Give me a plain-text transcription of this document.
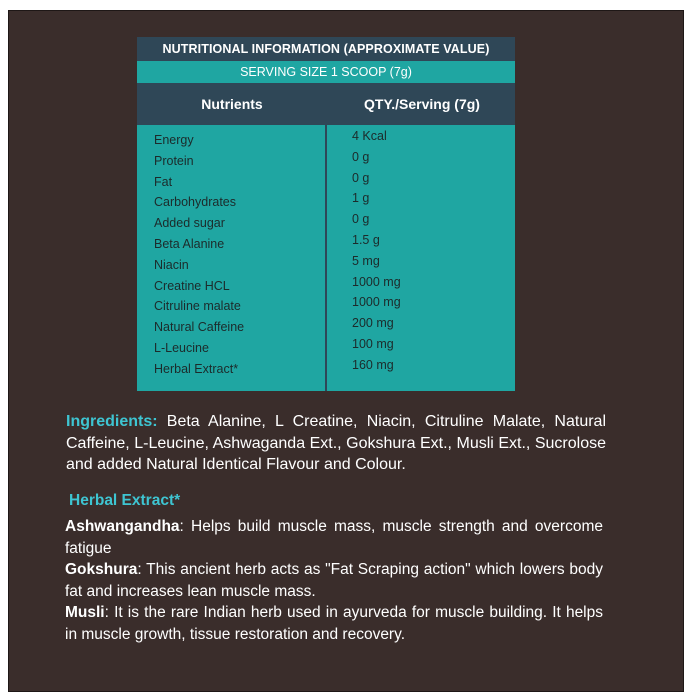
NUTRITIONAL INFORMATION (APPROXIMATE VALUE)
SERVING SIZE 1 SCOOP (7g)
Nutrients	QTY./Serving (7g)
Energy	4 Kcal
Protein	0 g
Fat	0 g
Carbohydrates	1 g
Added sugar	0 g
Beta Alanine	1.5 g
Niacin	5 mg
Creatine HCL	1000 mg
Citruline malate	1000 mg
Natural Caffeine	200 mg
L-Leucine	100 mg
Herbal Extract*	160 mg
Ingredients: Beta Alanine, L Creatine, Niacin, Citruline Malate, Natural Caffeine, L-Leucine, Ashwaganda Ext., Gokshura Ext., Musli Ext., Sucrolose and added Natural Identical Flavour and Colour.
Herbal Extract*

Ashwangandha: Helps build muscle mass, muscle strength and overcome fatigue

Gokshura: This ancient herb acts as "Fat Scraping action" which lowers body fat and increases lean muscle mass.

Musli: It is the rare Indian herb used in ayurveda for muscle building. It helps in muscle growth, tissue restoration and recovery.
